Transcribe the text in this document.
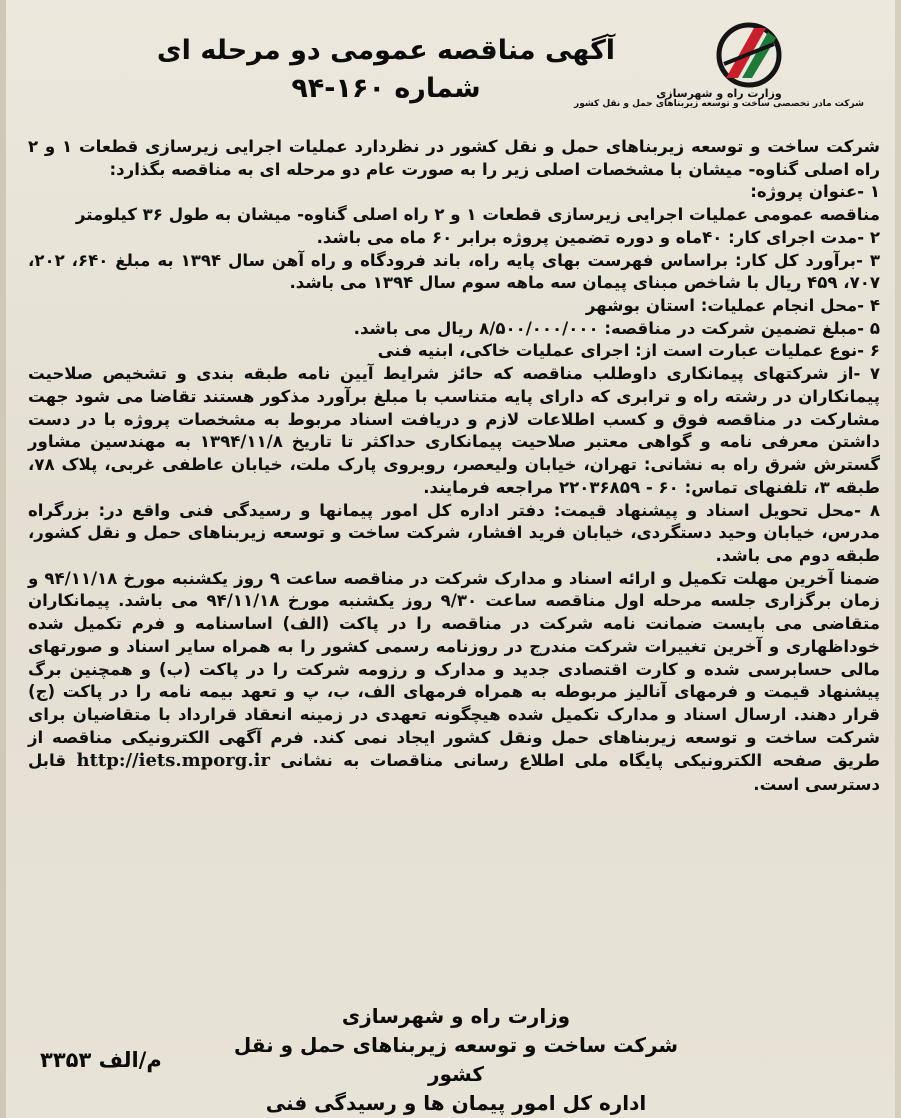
وزارت راه و شهرسازی
شرکت مادر تخصصی ساخت و توسعه زیربناهای حمل و نقل کشور
آگهی مناقصه عمومی دو مرحله ای
شماره ۱۶۰-۹۴

شرکت ساخت و توسعه زیربناهای حمل و نقل کشور در نظردارد عملیات اجرایی زیرسازی قطعات ۱ و ۲ راه اصلی گناوه- میشان با مشخصات اصلی زیر را به صورت عام دو مرحله ای به مناقصه بگذارد:

۱ -عنوان پروژه:

مناقصه عمومی عملیات اجرایی زیرسازی قطعات ۱ و ۲ راه اصلی گناوه- میشان به طول ۳۶ کیلومتر

۲ -مدت اجرای کار: ۴۰ماه و دوره تضمین پروژه برابر ۶۰ ماه می باشد.

۳ -برآورد کل کار: براساس فهرست بهای پایه راه، باند فرودگاه و راه آهن سال ۱۳۹۴ به مبلغ ۶۴۰، ۲۰۲، ۷۰۷، ۴۵۹ ریال با شاخص مبنای پیمان سه ماهه سوم سال ۱۳۹۴ می باشد.

۴ -محل انجام عملیات: استان بوشهر

۵ -مبلغ تضمین شرکت در مناقصه: ۸/۵۰۰/۰۰۰/۰۰۰ ریال می باشد.

۶ -نوع عملیات عبارت است از: اجرای عملیات خاکی، ابنیه فنی

۷ -از شرکتهای پیمانکاری داوطلب مناقصه که حائز شرایط آیین نامه طبقه بندی و تشخیص صلاحیت پیمانکاران در رشته راه و ترابری که دارای پایه متناسب با مبلغ برآورد مذکور هستند تقاضا می شود جهت مشارکت در مناقصه فوق و کسب اطلاعات لازم و دریافت اسناد مربوط به مشخصات پروژه با در دست داشتن معرفی نامه و گواهی معتبر صلاحیت پیمانکاری حداکثر تا تاریخ ۱۳۹۴/۱۱/۸ به مهندسین مشاور گسترش شرق راه به نشانی: تهران، خیابان ولیعصر، روبروی پارک ملت، خیابان عاطفی غربی، پلاک ۷۸، طبقه ۳، تلفنهای تماس: ۶۰ - ۲۲۰۳۶۸۵۹ مراجعه فرمایند.

۸ -محل تحویل اسناد و پیشنهاد قیمت: دفتر اداره کل امور پیمانها و رسیدگی فنی واقع در: بزرگراه مدرس، خیابان وحید دستگردی، خیابان فرید افشار، شرکت ساخت و توسعه زیربناهای حمل و نقل کشور، طبقه دوم می باشد.

ضمنا آخرین مهلت تکمیل و ارائه اسناد و مدارک شرکت در مناقصه ساعت ۹ روز یکشنبه مورخ ۹۴/۱۱/۱۸ و زمان برگزاری جلسه مرحله اول مناقصه ساعت ۹/۳۰ روز یکشنبه مورخ ۹۴/۱۱/۱۸ می باشد. پیمانکاران متقاضی می بایست ضمانت نامه شرکت در مناقصه را در پاکت (الف) اساسنامه و فرم تکمیل شده خوداظهاری و آخرین تغییرات شرکت مندرج در روزنامه رسمی کشور را به همراه سایر اسناد و صورتهای مالی حسابرسی شده و کارت اقتصادی جدید و مدارک و رزومه شرکت را در پاکت (ب) و همچنین برگ پیشنهاد قیمت و فرمهای آنالیز مربوطه به همراه فرمهای الف، ب، پ و تعهد بیمه نامه را در پاکت (ج) قرار دهند. ارسال اسناد و مدارک تکمیل شده هیچگونه تعهدی در زمینه انعقاد قرارداد با متقاضیان برای شرکت ساخت و توسعه زیربناهای حمل ونقل کشور ایجاد نمی کند. فرم آگهی الکترونیکی مناقصه از طریق صفحه الکترونیکی پایگاه ملی اطلاع رسانی مناقصات به نشانی http://iets.mporg.ir قابل دسترسی است.

وزارت راه و شهرسازی
شرکت ساخت و توسعه زیربناهای حمل و نقل کشور
اداره کل امور پیمان ها و رسیدگی فنی
م/الف ۳۳۵۳
